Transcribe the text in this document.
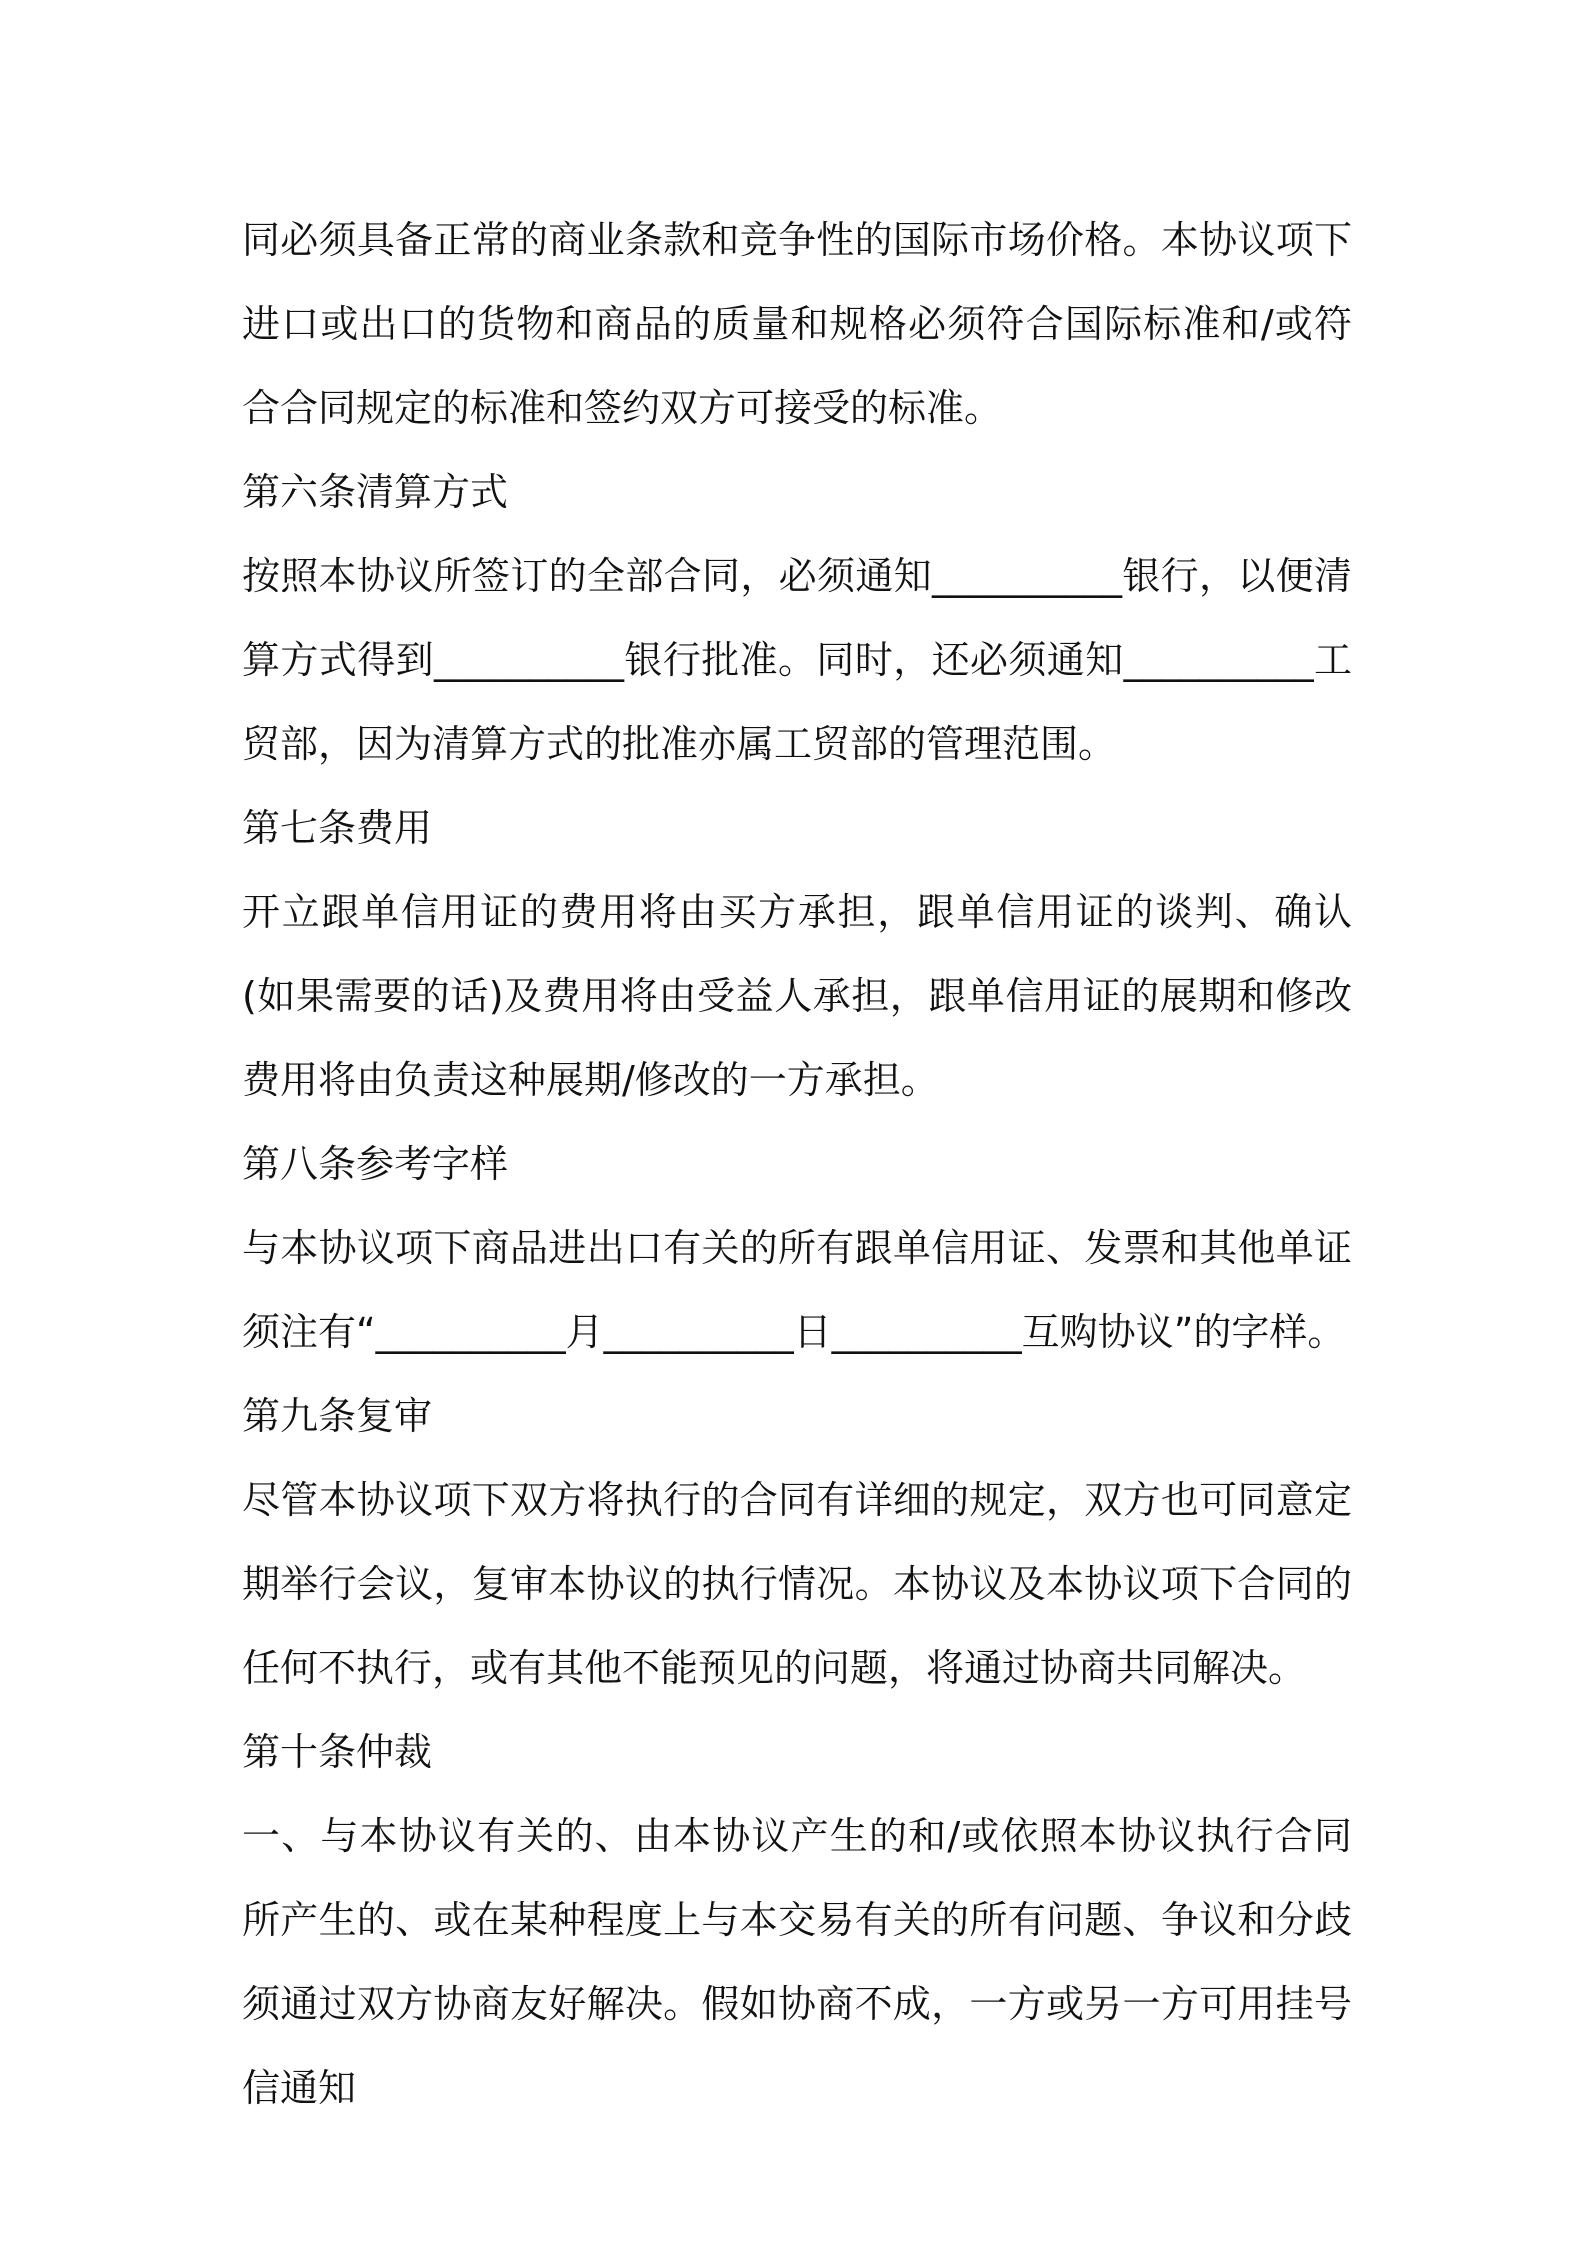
同必须具备正常的商业条款和竞争性的国际市场价格。本协议项下进口或出口的货物和商品的质量和规格必须符合国际标准和/或符合合同规定的标准和签约双方可接受的标准。

第六条清算方式

按照本协议所签订的全部合同，必须通知__________银行，以便清算方式得到__________银行批准。同时，还必须通知__________工贸部，因为清算方式的批准亦属工贸部的管理范围。

第七条费用

开立跟单信用证的费用将由买方承担，跟单信用证的谈判、确认(如果需要的话)及费用将由受益人承担，跟单信用证的展期和修改费用将由负责这种展期/修改的一方承担。

第八条参考字样

与本协议项下商品进出口有关的所有跟单信用证、发票和其他单证须注有“__________月__________日__________互购协议”的字样。

第九条复审

尽管本协议项下双方将执行的合同有详细的规定，双方也可同意定期举行会议，复审本协议的执行情况。本协议及本协议项下合同的任何不执行，或有其他不能预见的问题，将通过协商共同解决。

第十条仲裁

一、与本协议有关的、由本协议产生的和/或依照本协议执行合同所产生的、或在某种程度上与本交易有关的所有问题、争议和分歧须通过双方协商友好解决。假如协商不成，一方或另一方可用挂号信通知
